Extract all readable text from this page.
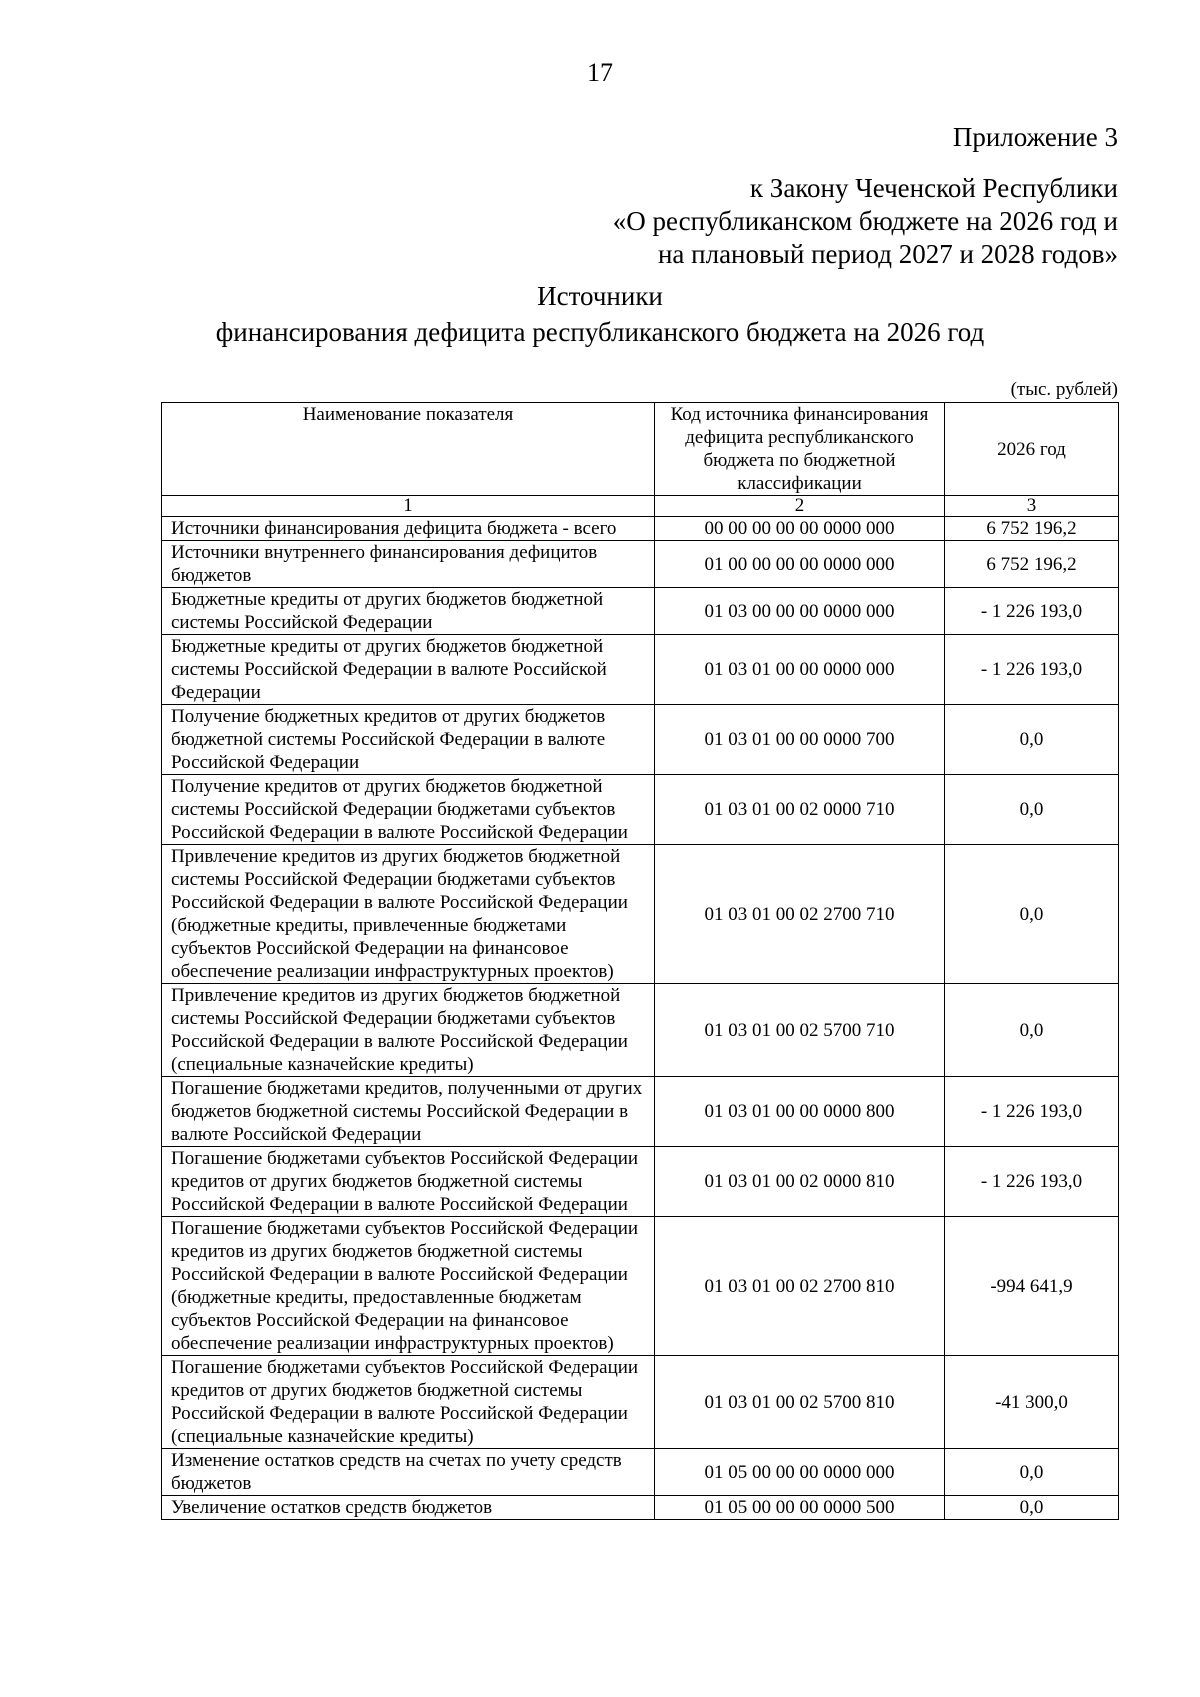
17
Приложение 3
к Закону Чеченской Республики
«О республиканском бюджете на 2026 год и
на плановый период 2027 и 2028 годов»
Источники
финансирования дефицита республиканского бюджета на 2026 год
(тыс. рублей)
Наименование показателя	Код источника финансирования дефицита республиканского бюджета по бюджетной классификации	2026 год
1	2	3
Источники финансирования дефицита бюджета - всего	00 00 00 00 00 0000 000	6 752 196,2
Источники внутреннего финансирования дефицитов бюджетов	01 00 00 00 00 0000 000	6 752 196,2
Бюджетные кредиты от других бюджетов бюджетной системы Российской Федерации	01 03 00 00 00 0000 000	- 1 226 193,0
Бюджетные кредиты от других бюджетов бюджетной системы Российской Федерации в валюте Российской Федерации	01 03 01 00 00 0000 000	- 1 226 193,0
Получение бюджетных кредитов от других бюджетов бюджетной системы Российской Федерации в валюте Российской Федерации	01 03 01 00 00 0000 700	0,0
Получение кредитов от других бюджетов бюджетной системы Российской Федерации бюджетами субъектов Российской Федерации в валюте Российской Федерации	01 03 01 00 02 0000 710	0,0
Привлечение кредитов из других бюджетов бюджетной системы Российской Федерации бюджетами субъектов Российской Федерации в валюте Российской Федерации (бюджетные кредиты, привлеченные бюджетами субъектов Российской Федерации на финансовое обеспечение реализации инфраструктурных проектов)	01 03 01 00 02 2700 710	0,0
Привлечение кредитов из других бюджетов бюджетной системы Российской Федерации бюджетами субъектов Российской Федерации в валюте Российской Федерации (специальные казначейские кредиты)	01 03 01 00 02 5700 710	0,0
Погашение бюджетами кредитов, полученными от других бюджетов бюджетной системы Российской Федерации в валюте Российской Федерации	01 03 01 00 00 0000 800	- 1 226 193,0
Погашение бюджетами субъектов Российской Федерации кредитов от других бюджетов бюджетной системы Российской Федерации в валюте Российской Федерации	01 03 01 00 02 0000 810	- 1 226 193,0
Погашение бюджетами субъектов Российской Федерации кредитов из других бюджетов бюджетной системы Российской Федерации в валюте Российской Федерации (бюджетные кредиты, предоставленные бюджетам субъектов Российской Федерации на финансовое обеспечение реализации инфраструктурных проектов)	01 03 01 00 02 2700 810	-994 641,9
Погашение бюджетами субъектов Российской Федерации кредитов от других бюджетов бюджетной системы Российской Федерации в валюте Российской Федерации (специальные казначейские кредиты)	01 03 01 00 02 5700 810	-41 300,0
Изменение остатков средств на счетах по учету средств бюджетов	01 05 00 00 00 0000 000	0,0
Увеличение остатков средств бюджетов	01 05 00 00 00 0000 500	0,0
